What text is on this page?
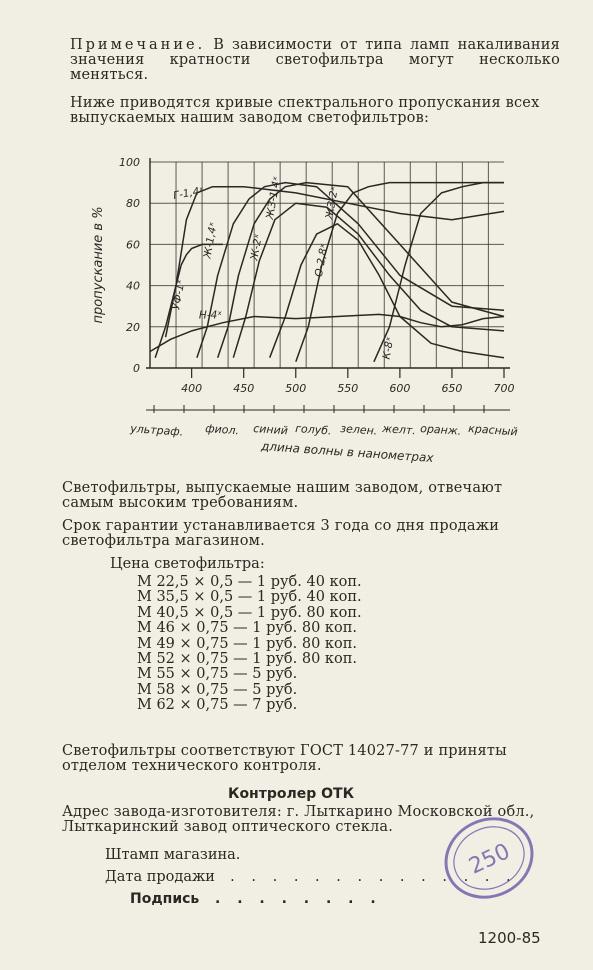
Примечание. В зависимости от типа ламп накаливания значения кратности светофильтра могут несколько меняться.
Ниже приводятся кривые спектрального пропускания всех выпускаемых нашим заводом светофильтров:
0
20
40
60
80
100
400	450	500	550	600	650	700
ультраф. фиол. синий голуб. зелен. желт. оранж. красный
длина волны в нанометрах
пропускание в %	УФ-1ˣ
Г-1,4ˣ
Н-4ˣ
Ж-1,4ˣ	Ж-2ˣ
ЖЗ-1,4ˣ	ЖЗ-2ˣ
О-2,8ˣ
К-8ˣ
Светофильтры, выпускаемые нашим заводом, отвечают самым высоким требованиям.
Срок гарантии устанавливается 3 года со дня продажи светофильтра магазином.
Цена светофильтра:
М 22,5 × 0,5 — 1 руб. 40 коп.
М 35,5 × 0,5 — 1 руб. 40 коп.
М 40,5 × 0,5 — 1 руб. 80 коп.
М 46 × 0,75 — 1 руб. 80 коп.
М 49 × 0,75 — 1 руб. 80 коп.
М 52 × 0,75 — 1 руб. 80 коп.
М 55 × 0,75 — 5 руб.
М 58 × 0,75 — 5 руб.
М 62 × 0,75 — 7 руб.
Светофильтры соответствуют ГОСТ 14027-77 и приняты отделом технического контроля.
Контролер ОТК
Адрес завода-изготовителя: г. Лыткарино Московской обл., Лыткаринский завод оптического стекла.
Штамп магазина.
Дата продажи  . . . . . . . . . . . . . .
Подпись  . . . . . . . .
250
1200-85
